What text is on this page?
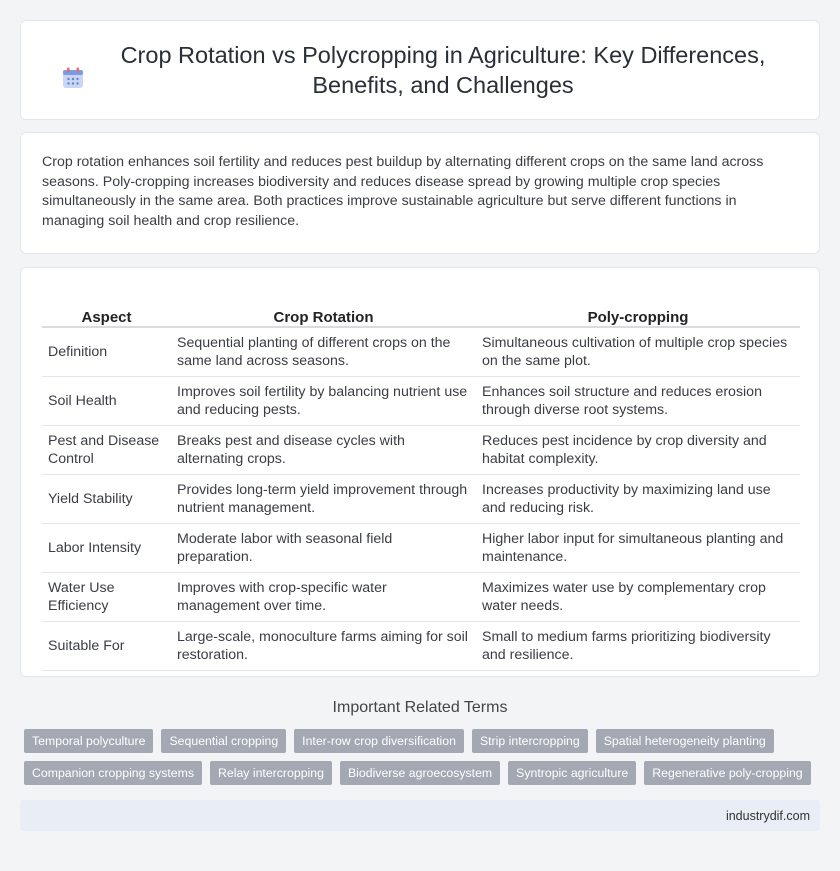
Crop Rotation vs Polycropping in Agriculture: Key Differences, Benefits, and Challenges

Crop rotation enhances soil fertility and reduces pest buildup by alternating different crops on the same land across seasons. Poly-cropping increases biodiversity and reduces disease spread by growing multiple crop species simultaneously in the same area. Both practices improve sustainable agriculture but serve different functions in managing soil health and crop resilience.

Aspect	Crop Rotation	Poly-cropping
Definition	Sequential planting of different crops on the same land across seasons.	Simultaneous cultivation of multiple crop species on the same plot.
Soil Health	Improves soil fertility by balancing nutrient use and reducing pests.	Enhances soil structure and reduces erosion through diverse root systems.
Pest and Disease Control	Breaks pest and disease cycles with alternating crops.	Reduces pest incidence by crop diversity and habitat complexity.
Yield Stability	Provides long-term yield improvement through nutrient management.	Increases productivity by maximizing land use and reducing risk.
Labor Intensity	Moderate labor with seasonal field preparation.	Higher labor input for simultaneous planting and maintenance.
Water Use Efficiency	Improves with crop-specific water management over time.	Maximizes water use by complementary crop water needs.
Suitable For	Large-scale, monoculture farms aiming for soil restoration.	Small to medium farms prioritizing biodiversity and resilience.
Important Related Terms
Temporal polyculture	Sequential cropping	Inter-row crop diversification	Strip intercropping	Spatial heterogeneity planting
Companion cropping systems	Relay intercropping	Biodiverse agroecosystem	Syntropic agriculture	Regenerative poly-cropping
industrydif.com
